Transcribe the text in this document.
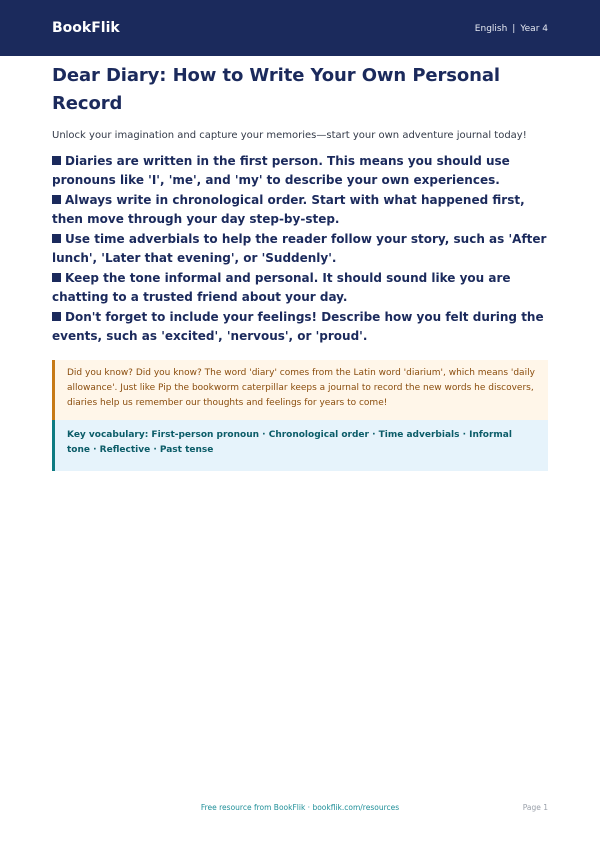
BookFlik	English | Year 4
Dear Diary: How to Write Your Own Personal Record

Unlock your imagination and capture your memories—start your own adventure journal today!

Diaries are written in the first person. This means you should use pronouns like 'I', 'me', and 'my' to describe your own experiences.
Always write in chronological order. Start with what happened first, then move through your day step-by-step.
Use time adverbials to help the reader follow your story, such as 'After lunch', 'Later that evening', or 'Suddenly'.
Keep the tone informal and personal. It should sound like you are chatting to a trusted friend about your day.
Don't forget to include your feelings! Describe how you felt during the events, such as 'excited', 'nervous', or 'proud'.
Did you know? Did you know? The word 'diary' comes from the Latin word 'diarium', which means 'daily allowance'. Just like Pip the bookworm caterpillar keeps a journal to record the new words he discovers, diaries help us remember our thoughts and feelings for years to come!
Key vocabulary: First-person pronoun · Chronological order · Time adverbials · Informal tone · Reflective · Past tense
Free resource from BookFlik · bookflik.com/resources	Page 1
